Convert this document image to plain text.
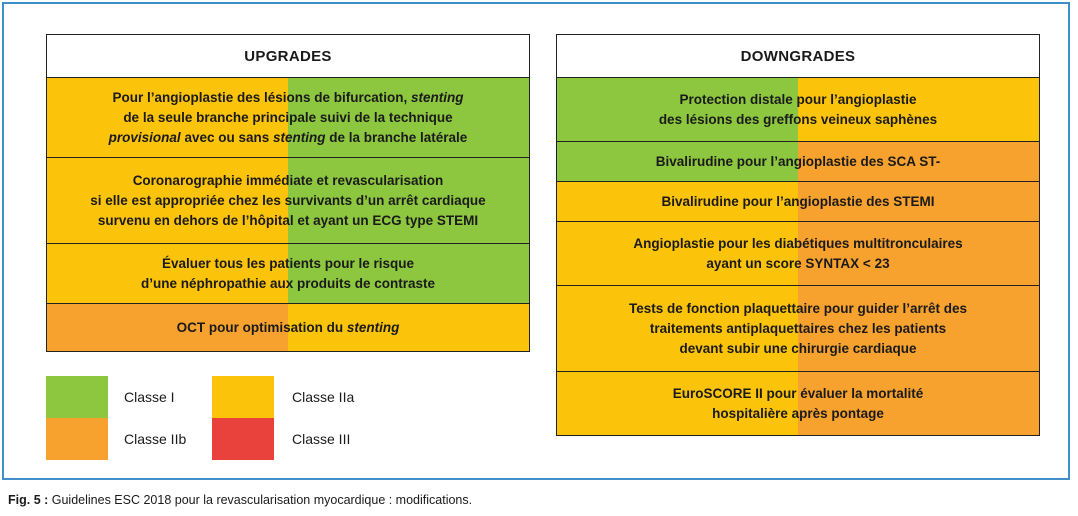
UPGRADES
Pour l’angioplastie des lésions de bifurcation, stenting
de la seule branche principale suivi de la technique
provisional avec ou sans stenting de la branche latérale
Coronarographie immédiate et revascularisation
si elle est appropriée chez les survivants d’un arrêt cardiaque
survenu en dehors de l’hôpital et ayant un ECG type STEMI
Évaluer tous les patients pour le risque
d’une néphropathie aux produits de contraste
OCT pour optimisation du stenting
DOWNGRADES
Protection distale pour l’angioplastie
des lésions des greffons veineux saphènes
Bivalirudine pour l’angioplastie des SCA ST-
Bivalirudine pour l’angioplastie des STEMI
Angioplastie pour les diabétiques multitronculaires
ayant un score SYNTAX < 23
Tests de fonction plaquettaire pour guider l’arrêt des
traitements antiplaquettaires chez les patients
devant subir une chirurgie cardiaque
EuroSCORE II pour évaluer la mortalité
hospitalière après pontage
Classe I	Classe IIa
Classe IIb	Classe III
Fig. 5 : Guidelines ESC 2018 pour la revascularisation myocardique : modifications.
